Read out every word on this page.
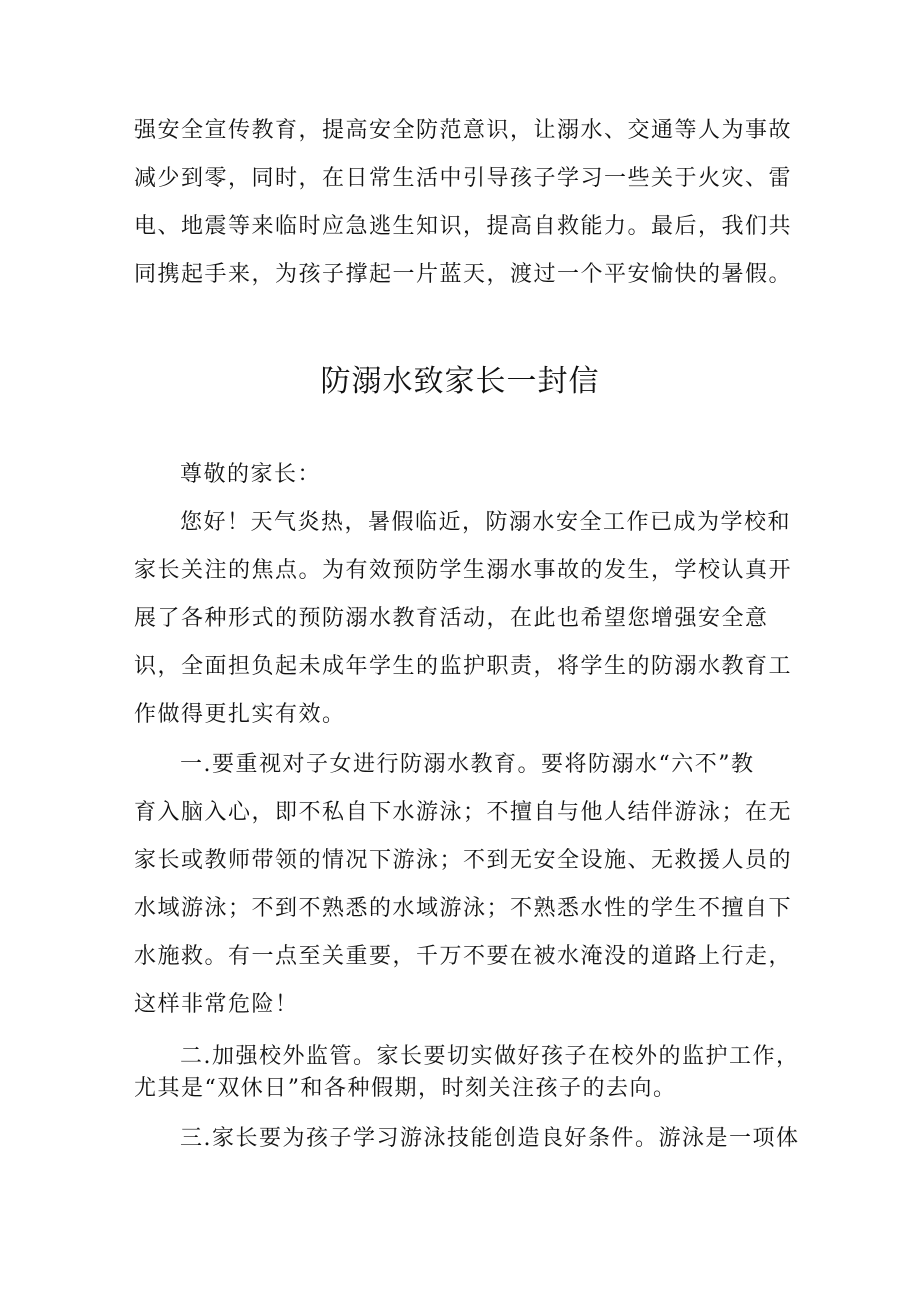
强安全宣传教育，提高安全防范意识，让溺水、交通等人为事故
减少到零，同时，在日常生活中引导孩子学习一些关于火灾、雷
电、地震等来临时应急逃生知识，提高自救能力。最后，我们共
同携起手来，为孩子撑起一片蓝天，渡过一个平安愉快的暑假。
防溺水致家长一封信
尊敬的家长：
您好！天气炎热，暑假临近，防溺水安全工作已成为学校和
家长关注的焦点。为有效预防学生溺水事故的发生，学校认真开
展了各种形式的预防溺水教育活动，在此也希望您增强安全意
识，全面担负起未成年学生的监护职责，将学生的防溺水教育工
作做得更扎实有效。
一.要重视对子女进行防溺水教育。要将防溺水“六不”教
育入脑入心，即不私自下水游泳；不擅自与他人结伴游泳；在无
家长或教师带领的情况下游泳；不到无安全设施、无救援人员的
水域游泳；不到不熟悉的水域游泳；不熟悉水性的学生不擅自下
水施救。有一点至关重要，千万不要在被水淹没的道路上行走，
这样非常危险！
二.加强校外监管。家长要切实做好孩子在校外的监护工作，
尤其是“双休日”和各种假期，时刻关注孩子的去向。
三.家长要为孩子学习游泳技能创造良好条件。游泳是一项体
